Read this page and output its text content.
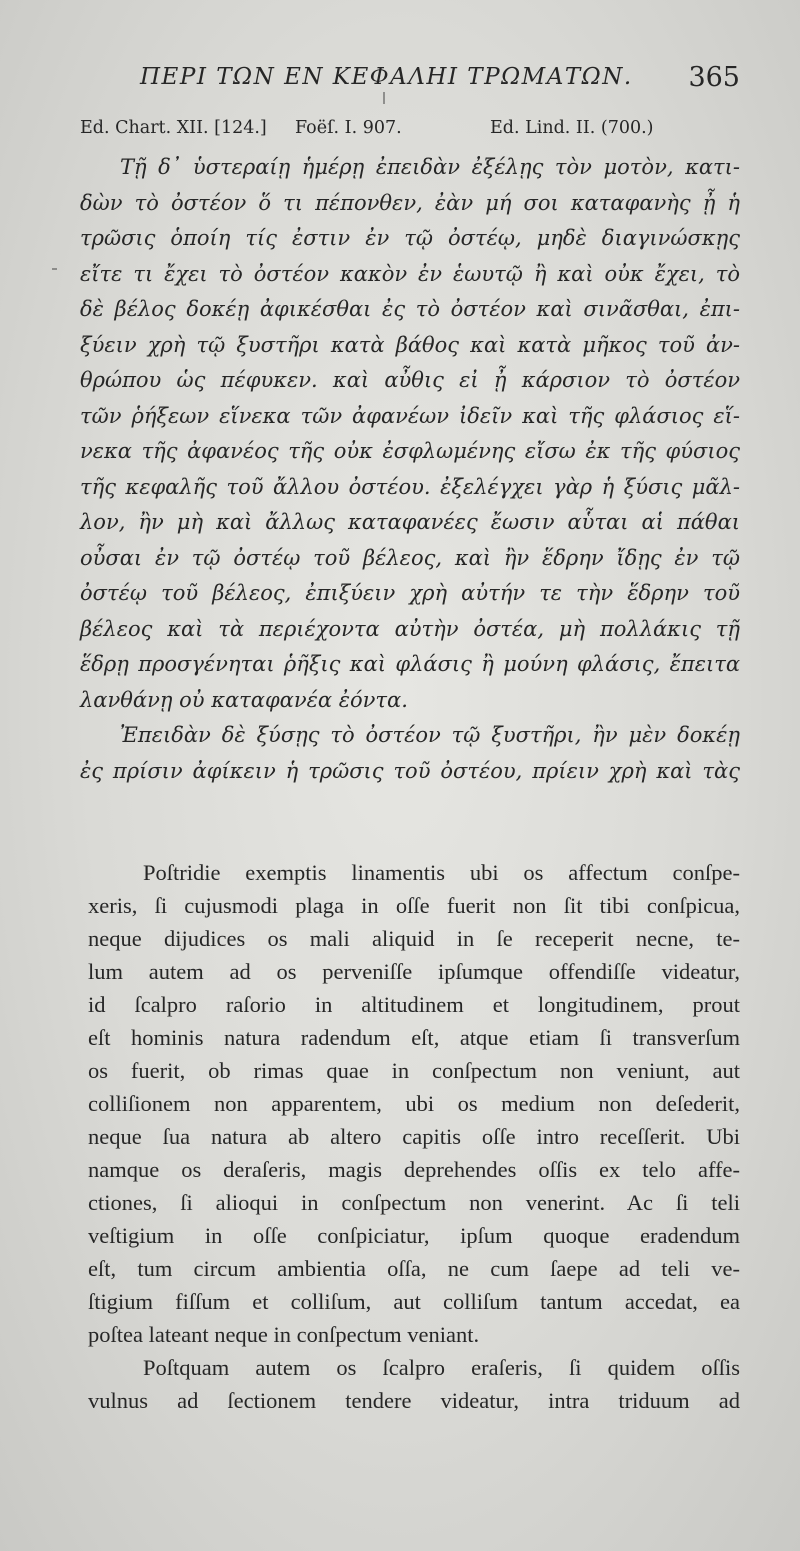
ΠΕΡΙ ΤΩΝ ΕΝ ΚΕΦΑΛΗΙ ΤΡΩΜΑΤΩΝ. 365
Ed. Chart. XII. [124.] Foëſ. I. 907.	Ed. Lind. II. (700.)
Τῇ δ᾽ ὑστεραίῃ ἡμέρῃ ἐπειδὰν ἐξέλῃς τὸν μοτὸν, κατι-
δὼν τὸ ὀστέον ὅ τι πέπονθεν, ἐὰν μή σοι καταφανὴς ᾖ ἡ
τρῶσις ὁποίη τίς ἐστιν ἐν τῷ ὀστέῳ, μηδὲ διαγινώσκῃς
εἴτε τι ἔχει τὸ ὀστέον κακὸν ἐν ἑωυτῷ ἢ καὶ οὐκ ἔχει, τὸ
δὲ βέλος δοκέῃ ἀφικέσθαι ἐς τὸ ὀστέον καὶ σινᾶσθαι, ἐπι-
ξύειν χρὴ τῷ ξυστῆρι κατὰ βάθος καὶ κατὰ μῆκος τοῦ ἀν-
θρώπου ὡς πέφυκεν. καὶ αὖθις εἰ ᾖ κάρσιον τὸ ὀστέον
τῶν ῥήξεων εἵνεκα τῶν ἀφανέων ἰδεῖν καὶ τῆς φλάσιος εἵ-
νεκα τῆς ἀφανέος τῆς οὐκ ἐσφλωμένης εἴσω ἐκ τῆς φύσιος
τῆς κεφαλῆς τοῦ ἄλλου ὀστέου. ἐξελέγχει γὰρ ἡ ξύσις μᾶλ-
λον, ἢν μὴ καὶ ἄλλως καταφανέες ἔωσιν αὗται αἱ πάθαι
οὖσαι ἐν τῷ ὀστέῳ τοῦ βέλεος, καὶ ἢν ἕδρην ἴδῃς ἐν τῷ
ὀστέῳ τοῦ βέλεος, ἐπιξύειν χρὴ αὐτήν τε τὴν ἕδρην τοῦ
βέλεος καὶ τὰ περιέχοντα αὐτὴν ὀστέα, μὴ πολλάκις τῇ
ἕδρῃ προσγένηται ῥῆξις καὶ φλάσις ἢ μούνη φλάσις, ἔπειτα
λανθάνῃ οὐ καταφανέα ἐόντα.
Ἐπειδὰν δὲ ξύσῃς τὸ ὀστέον τῷ ξυστῆρι, ἢν μὲν δοκέῃ
ἐς πρίσιν ἀφίκειν ἡ τρῶσις τοῦ ὀστέου, πρίειν χρὴ καὶ τὰς
Poſtridie exemptis linamentis ubi os affectum conſpe-
xeris, ſi cujusmodi plaga in oſſe fuerit non ſit tibi conſpicua,
neque dijudices os mali aliquid in ſe receperit necne, te-
lum autem ad os perveniſſe ipſumque offendiſſe videatur,
id ſcalpro raſorio in altitudinem et longitudinem, prout
eſt hominis natura radendum eſt, atque etiam ſi transverſum
os fuerit, ob rimas quae in conſpectum non veniunt, aut
colliſionem non apparentem, ubi os medium non deſederit,
neque ſua natura ab altero capitis oſſe intro receſſerit. Ubi
namque os deraſeris, magis deprehendes oſſis ex telo affe-
ctiones, ſi alioqui in conſpectum non venerint. Ac ſi teli
veſtigium in oſſe conſpiciatur, ipſum quoque eradendum
eſt, tum circum ambientia oſſa, ne cum ſaepe ad teli ve-
ſtigium fiſſum et colliſum, aut colliſum tantum accedat, ea
poſtea lateant neque in conſpectum veniant.
Poſtquam autem os ſcalpro eraſeris, ſi quidem oſſis
vulnus ad ſectionem tendere videatur, intra triduum ad
